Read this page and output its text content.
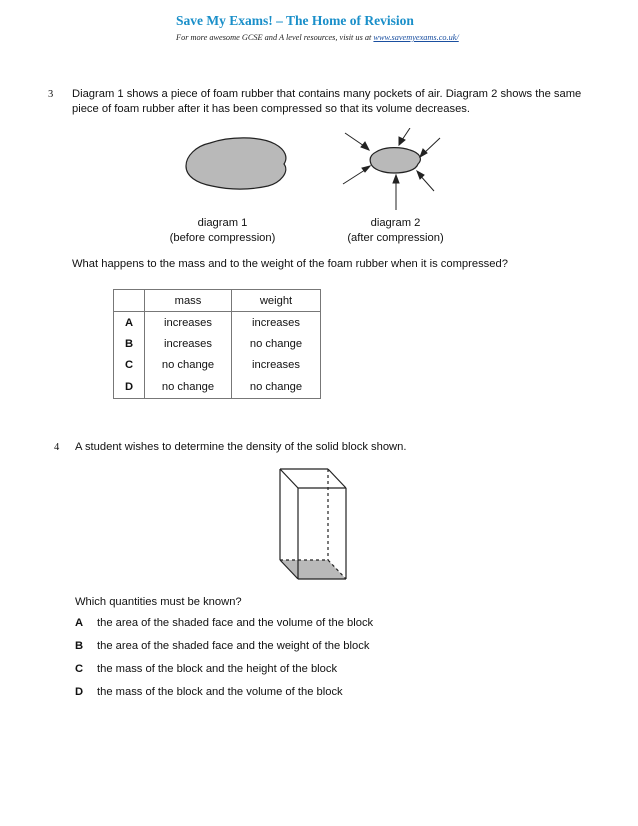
Save My Exams! – The Home of Revision
For more awesome GCSE and A level resources, visit us at www.savemyexams.co.uk/
3 Diagram 1 shows a piece of foam rubber that contains many pockets of air. Diagram 2 shows the same piece of foam rubber after it has been compressed so that its volume decreases.
diagram 1
(before compression)
diagram 2
(after compression)
What happens to the mass and to the weight of the foam rubber when it is compressed?
	mass	weight
A	increases	increases
B	increases	no change
C	no change	increases
D	no change	no change
4 A student wishes to determine the density of the solid block shown.
Which quantities must be known?
A the area of the shaded face and the volume of the block
B the area of the shaded face and the weight of the block
C the mass of the block and the height of the block
D the mass of the block and the volume of the block
